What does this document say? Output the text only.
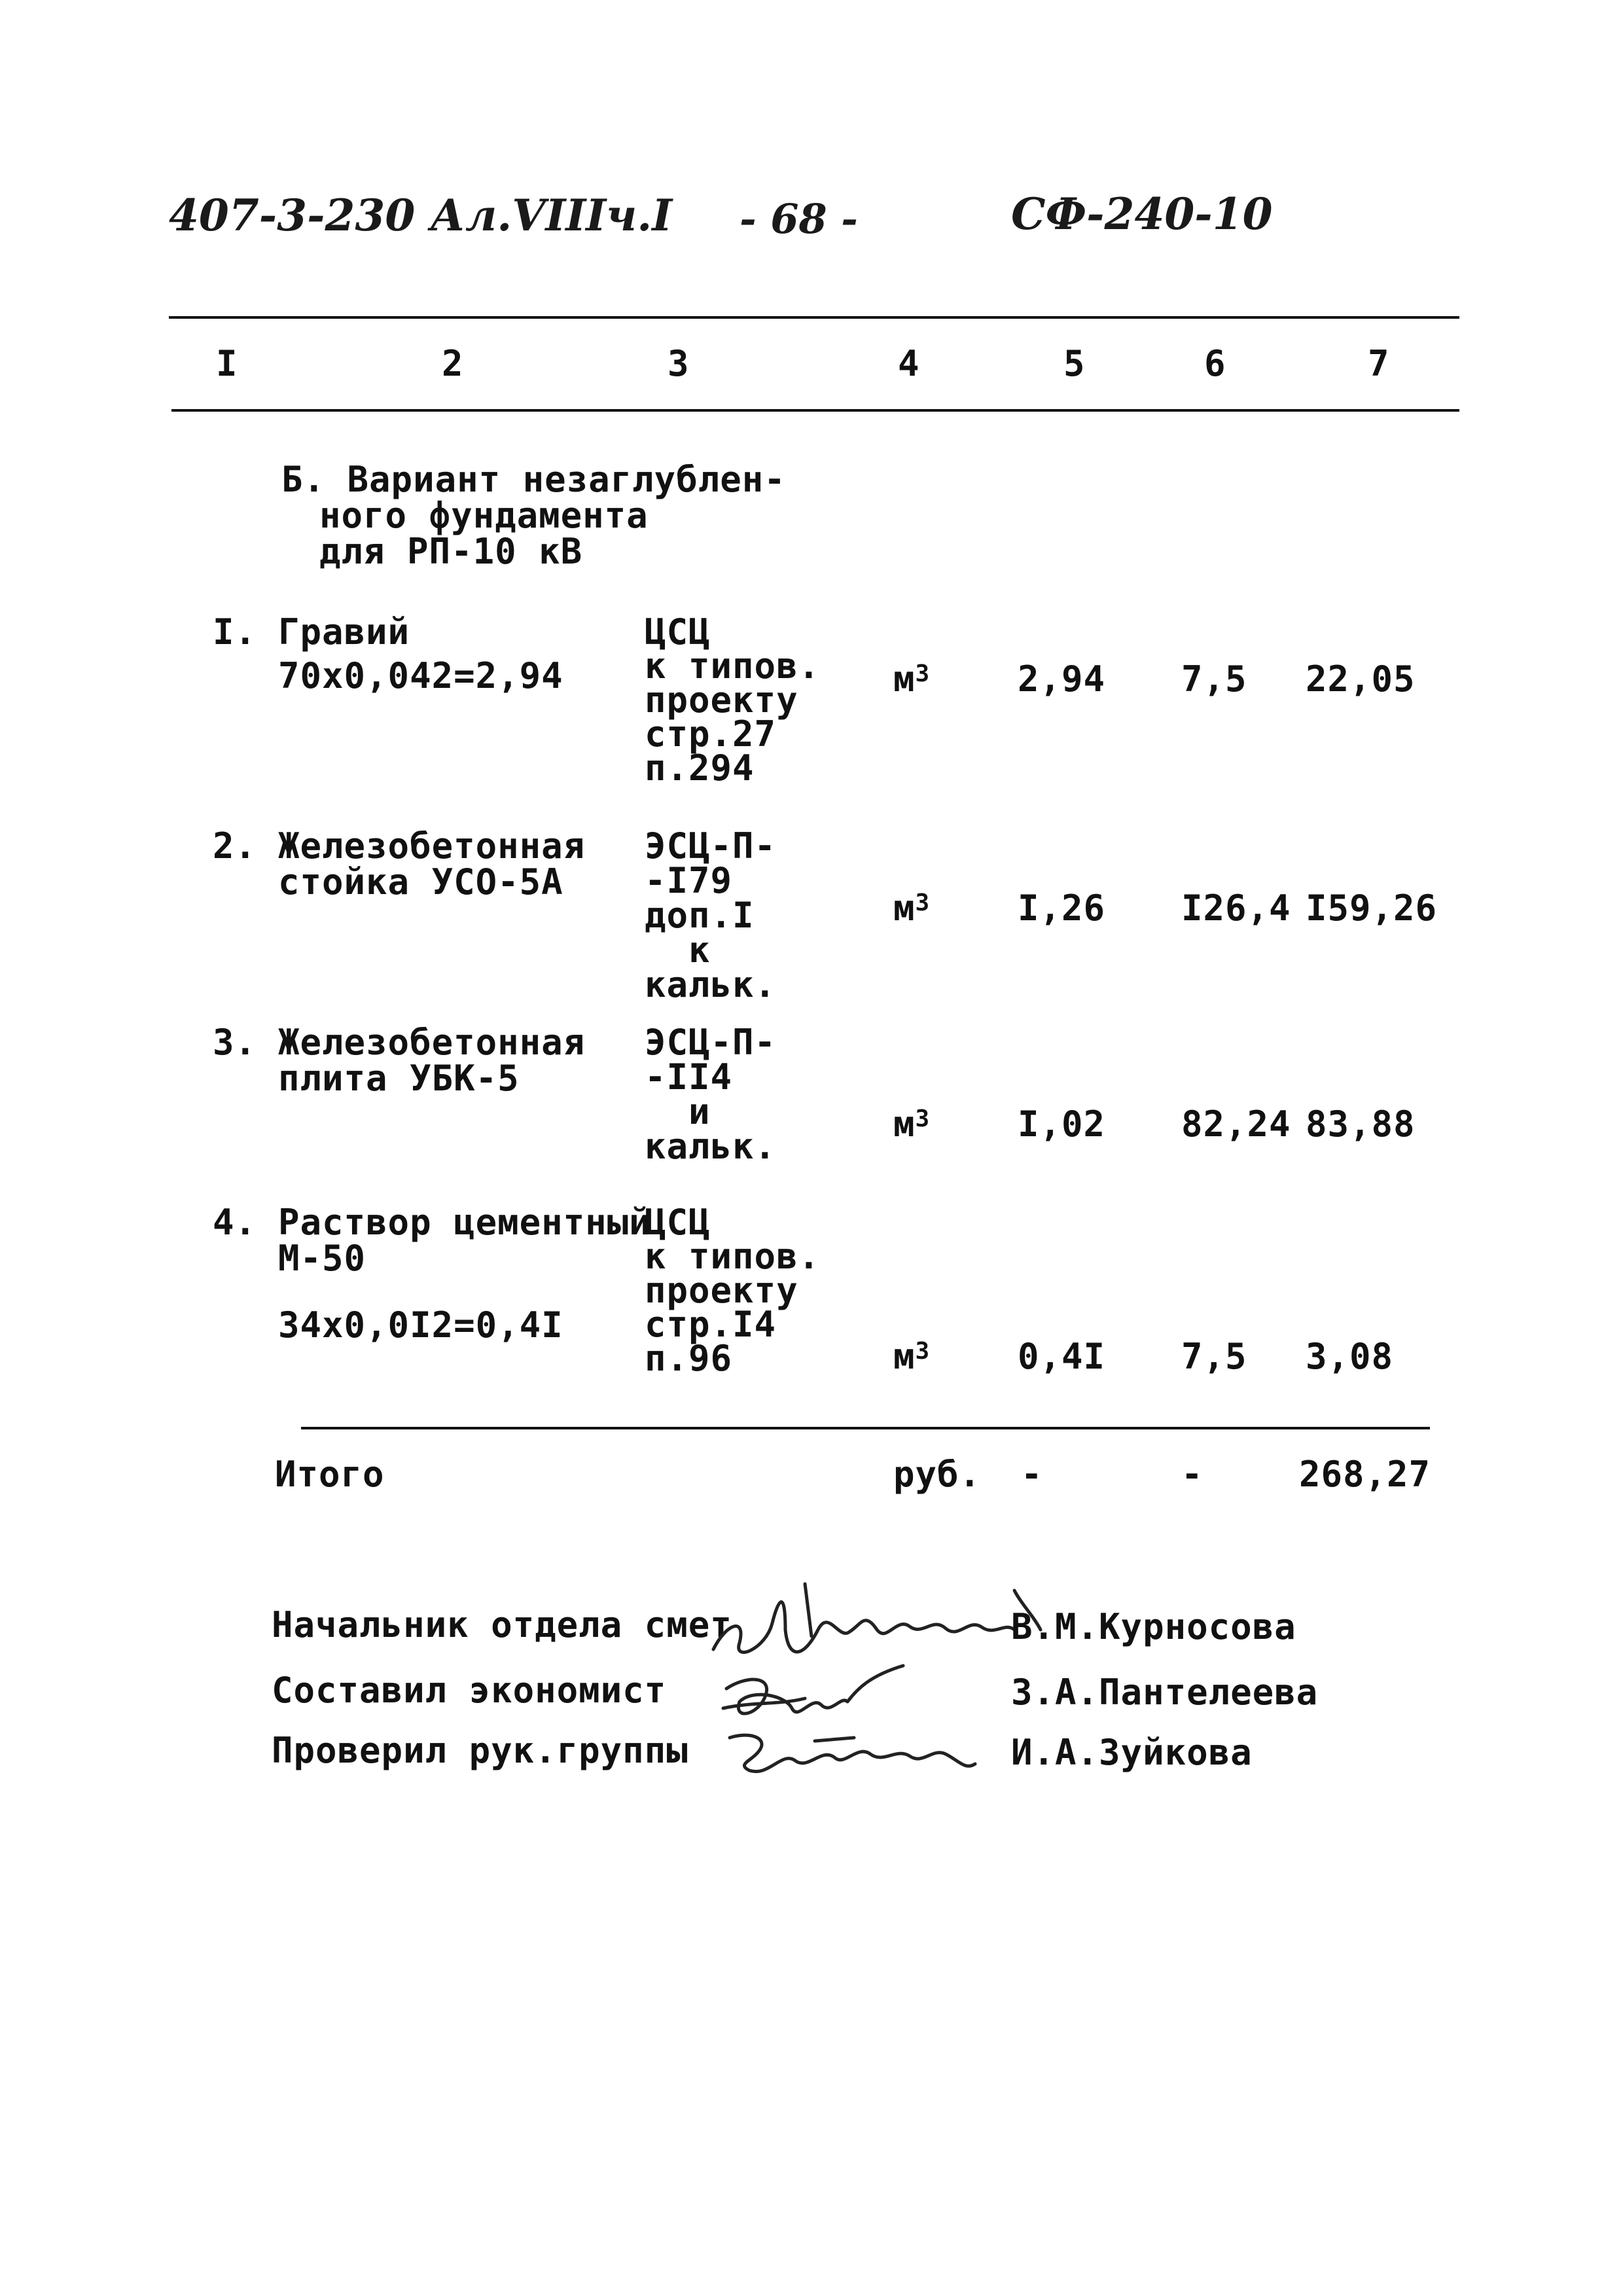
407-3-230 Ал.VIIIч.I - 68 -	СФ-240-10
I	2	3	4	5	6	7
Б. Вариант незаглублен-
ного фундамента
для РП-10 кВ
I. Гравий
70х0,042=2,94
ЦСЦ
к типов.
проекту
стр.27
п.294
$м^3$ 2,94 7,5 22,05
2. Железобетонная
стойка УСО-5А
ЭСЦ-П-
-I79
доп.I
к
кальк.
$м^3$ I,26 I26,4 I59,26
3. Железобетонная
плита УБК-5
ЭСЦ-П-
-II4
и
кальк.
$м^3$ I,02 82,24 83,88
4. Раствор цементный
М-50
34х0,0I2=0,4I
ЦСЦ
к типов.
проекту
стр.I4
п.96	$м^3$ 0,4I 7,5 3,08
Итого	руб. -	-	268,27
Начальник отдела смет	В.М.Курносова
Составил экономист	З.А.Пантелеева
Проверил рук.группы	И.А.Зуйкова
